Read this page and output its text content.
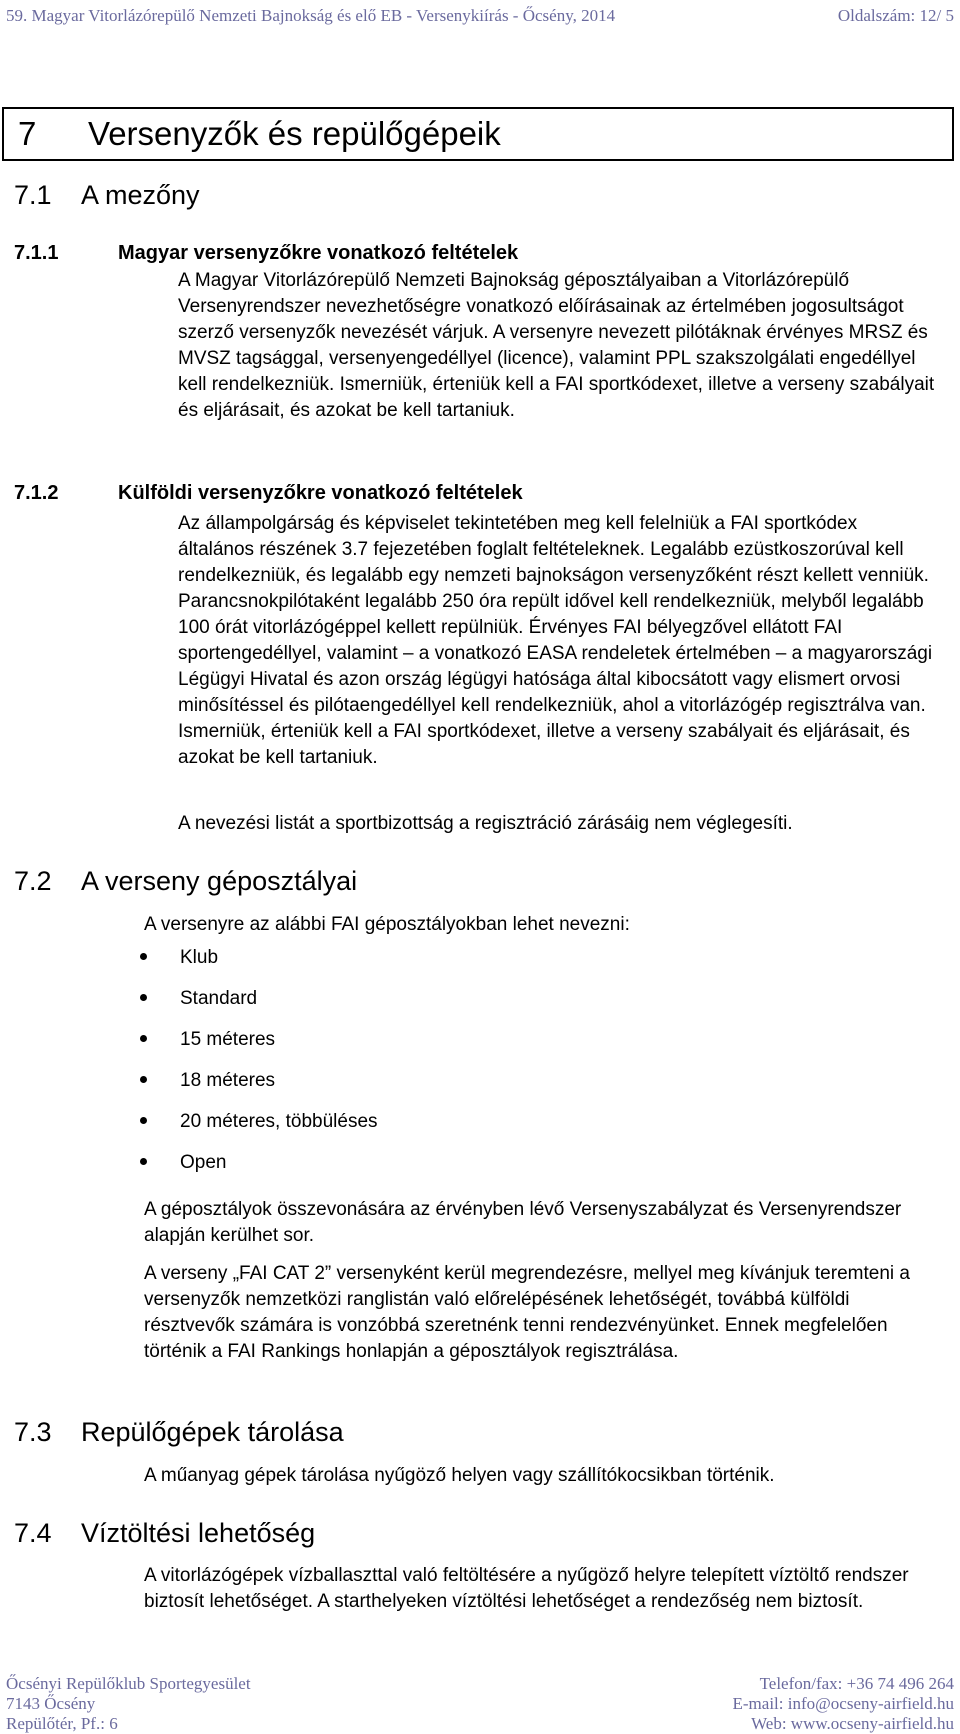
59. Magyar Vitorlázórepülő Nemzeti Bajnokság és elő EB - Versenykiírás - Őcsény, 2014	Oldalszám: 12/ 5
7 Versenyzők és repülőgépeik
7.1 A mezőny
7.1.1	Magyar versenyzőkre vonatkozó feltételek

A Magyar Vitorlázórepülő Nemzeti Bajnokság géposztályaiban a Vitorlázórepülő Versenyrendszer nevezhetőségre vonatkozó előírásainak az értelmében jogosultságot szerző versenyzők nevezését várjuk. A versenyre nevezett pilótáknak érvényes MRSZ és MVSZ tagsággal, versenyengedéllyel (licence), valamint PPL szakszolgálati engedéllyel kell rendelkezniük. Ismerniük, érteniük kell a FAI sportkódexet, illetve a verseny szabályait és eljárásait, és azokat be kell tartaniuk.

7.1.2	Külföldi versenyzőkre vonatkozó feltételek

Az állampolgárság és képviselet tekintetében meg kell felelniük a FAI sportkódex általános részének 3.7 fejezetében foglalt feltételeknek. Legalább ezüstkoszorúval kell rendelkezniük, és legalább egy nemzeti bajnokságon versenyzőként részt kellett venniük. Parancsnokpilótaként legalább 250 óra repült idővel kell rendelkezniük, melyből legalább 100 órát vitorlázógéppel kellett repülniük. Érvényes FAI bélyegzővel ellátott FAI sportengedéllyel, valamint – a vonatkozó EASA rendeletek értelmében – a magyarországi Légügyi Hivatal és azon ország légügyi hatósága által kibocsátott vagy elismert orvosi minősítéssel és pilótaengedéllyel kell rendelkezniük, ahol a vitorlázógép regisztrálva van. Ismerniük, érteniük kell a FAI sportkódexet, illetve a verseny szabályait és eljárásait, és azokat be kell tartaniuk.

A nevezési listát a sportbizottság a regisztráció zárásáig nem véglegesíti.

7.2 A verseny géposztályai

A versenyre az alábbi FAI géposztályokban lehet nevezni:

Klub
Standard
15 méteres
18 méteres
20 méteres, többüléses
Open

A géposztályok összevonására az érvényben lévő Versenyszabályzat és Versenyrendszer alapján kerülhet sor.

A verseny „FAI CAT 2” versenyként kerül megrendezésre, mellyel meg kívánjuk teremteni a versenyzők nemzetközi ranglistán való előrelépésének lehetőségét, továbbá külföldi résztvevők számára is vonzóbbá szeretnénk tenni rendezvényünket. Ennek megfelelően történik a FAI Rankings honlapján a géposztályok regisztrálása.

7.3 Repülőgépek tárolása

A műanyag gépek tárolása nyűgöző helyen vagy szállítókocsikban történik.

7.4 Víztöltési lehetőség

A vitorlázógépek vízballaszttal való feltöltésére a nyűgöző helyre telepített víztöltő rendszer biztosít lehetőséget. A starthelyeken víztöltési lehetőséget a rendezőség nem biztosít.

Őcsényi Repülőklub Sportegyesület
7143 Őcsény
Repülőtér, Pf.: 6
Telefon/fax: +36 74 496 264
E-mail: info@ocseny-airfield.hu
Web: www.ocseny-airfield.hu
